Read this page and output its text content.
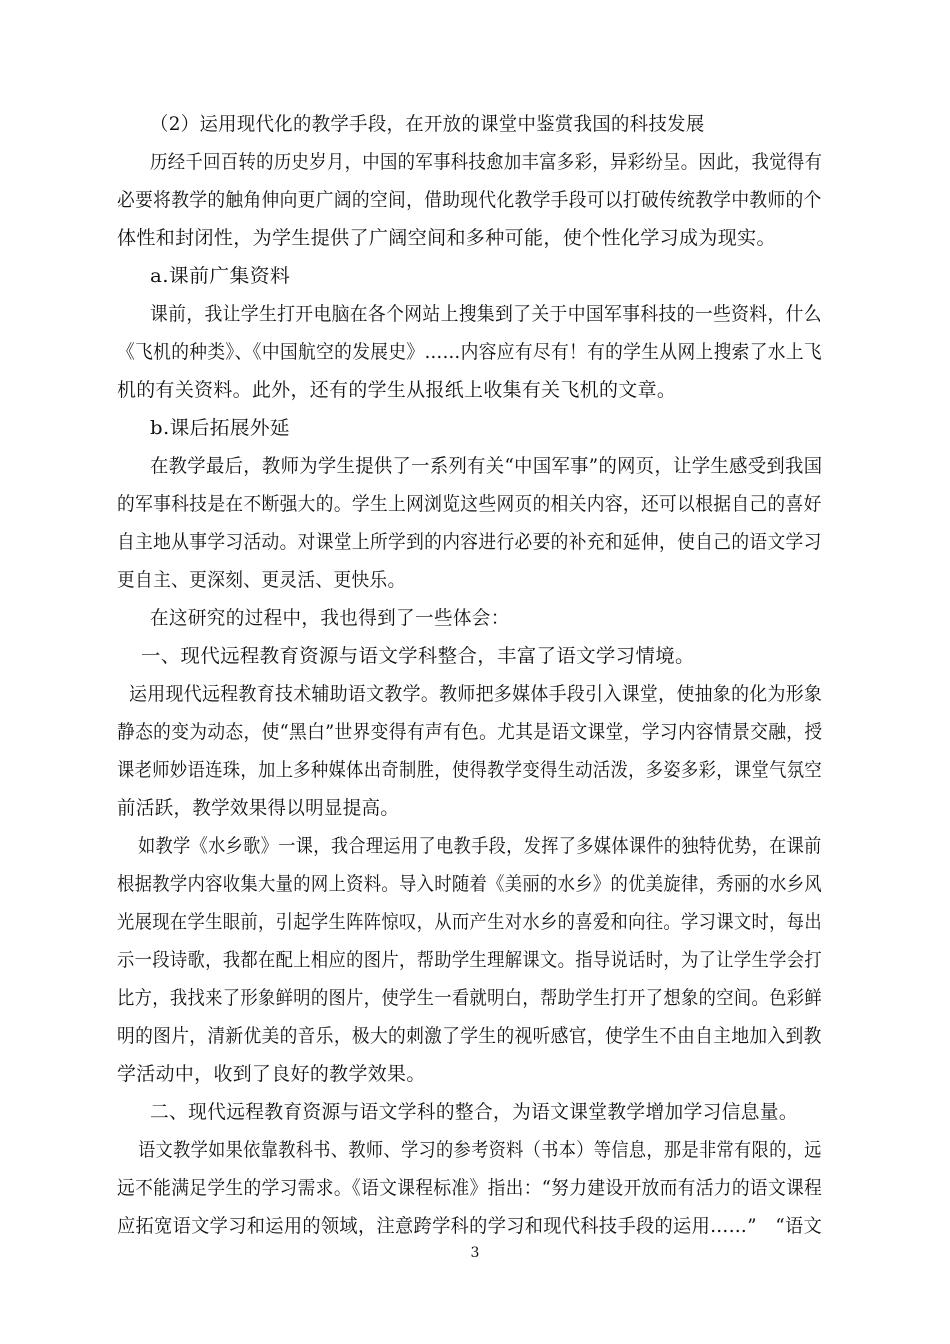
（2）运用现代化的教学手段，在开放的课堂中鉴赏我国的科技发展
历经千回百转的历史岁月，中国的军事科技愈加丰富多彩，异彩纷呈。因此，我觉得有
必要将教学的触角伸向更广阔的空间，借助现代化教学手段可以打破传统教学中教师的个
体性和封闭性，为学生提供了广阔空间和多种可能，使个性化学习成为现实。
a.课前广集资料
课前，我让学生打开电脑在各个网站上搜集到了关于中国军事科技的一些资料，什么
《飞机的种类》、《中国航空的发展史》……内容应有尽有！有的学生从网上搜索了水上飞
机的有关资料。此外，还有的学生从报纸上收集有关飞机的文章。
b.课后拓展外延
在教学最后，教师为学生提供了一系列有关“中国军事”的网页，让学生感受到我国
的军事科技是在不断强大的。学生上网浏览这些网页的相关内容，还可以根据自己的喜好
自主地从事学习活动。对课堂上所学到的内容进行必要的补充和延伸，使自己的语文学习
更自主、更深刻、更灵活、更快乐。
在这研究的过程中，我也得到了一些体会：
一、现代远程教育资源与语文学科整合，丰富了语文学习情境。
运用现代远程教育技术辅助语文教学。教师把多媒体手段引入课堂，使抽象的化为形象
静态的变为动态，使“黑白”世界变得有声有色。尤其是语文课堂，学习内容情景交融，授
课老师妙语连珠，加上多种媒体出奇制胜，使得教学变得生动活泼，多姿多彩，课堂气氛空
前活跃，教学效果得以明显提高。
如教学《水乡歌》一课，我合理运用了电教手段，发挥了多媒体课件的独特优势，在课前
根据教学内容收集大量的网上资料。导入时随着《美丽的水乡》的优美旋律，秀丽的水乡风
光展现在学生眼前，引起学生阵阵惊叹，从而产生对水乡的喜爱和向往。学习课文时，每出
示一段诗歌，我都在配上相应的图片，帮助学生理解课文。指导说话时，为了让学生学会打
比方，我找来了形象鲜明的图片，使学生一看就明白，帮助学生打开了想象的空间。色彩鲜
明的图片，清新优美的音乐，极大的刺激了学生的视听感官，使学生不由自主地加入到教
学活动中，收到了良好的教学效果。
二、现代远程教育资源与语文学科的整合，为语文课堂教学增加学习信息量。
语文教学如果依靠教科书、教师、学习的参考资料（书本）等信息，那是非常有限的，远
远不能满足学生的学习需求。《语文课程标准》指出：“努力建设开放而有活力的语文课程
应拓宽语文学习和运用的领域，注意跨学科的学习和现代科技手段的运用……”　“语文
3
